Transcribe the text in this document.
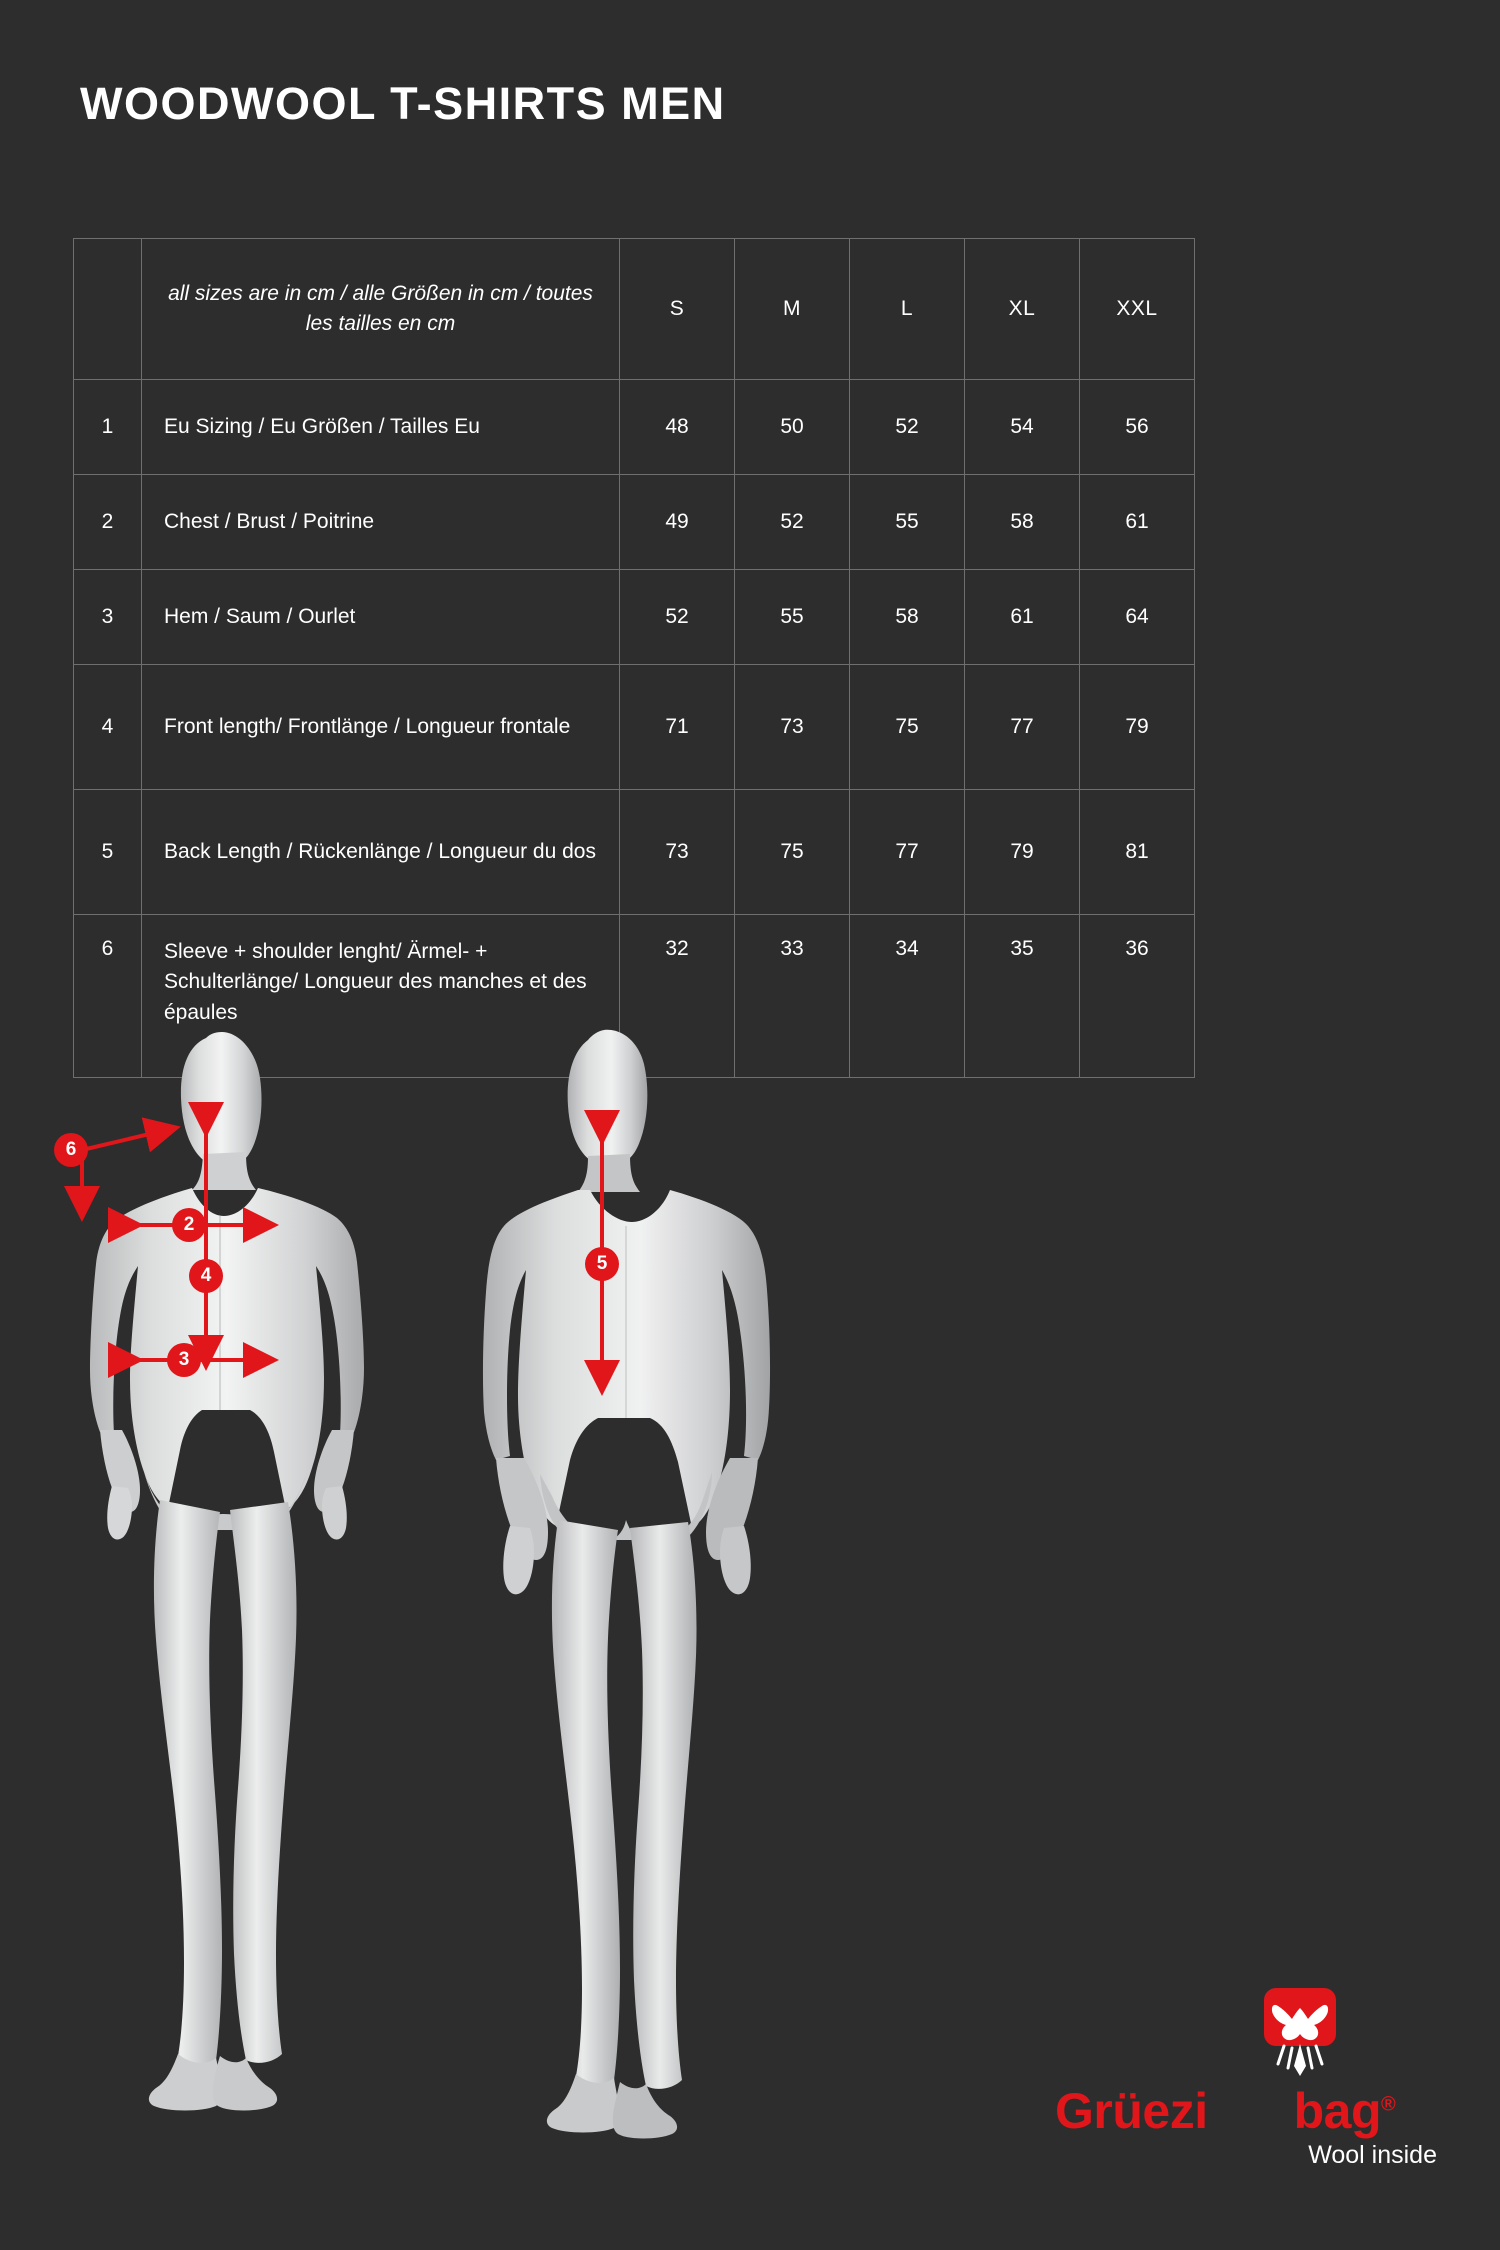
WOODWOOL T-SHIRTS MEN
	all sizes are in cm / alle Größen in cm / toutes les tailles en cm	S	M	L	XL	XXL
1	Eu Sizing / Eu Größen / Tailles Eu	48	50	52	54	56
2	Chest / Brust / Poitrine	49	52	55	58	61
3	Hem / Saum / Ourlet	52	55	58	61	64
4	Front length/ Frontlänge / Longueur frontale	71	73	75	77	79
5	Back Length / Rückenlänge / Longueur du dos	73	75	77	79	81
6	Sleeve + shoulder lenght/ Ärmel- + Schulterlänge/ Longueur des manches et des épaules	32	33	34	35	36
6
2
4
3
5
Grüezi bag®
Wool inside
